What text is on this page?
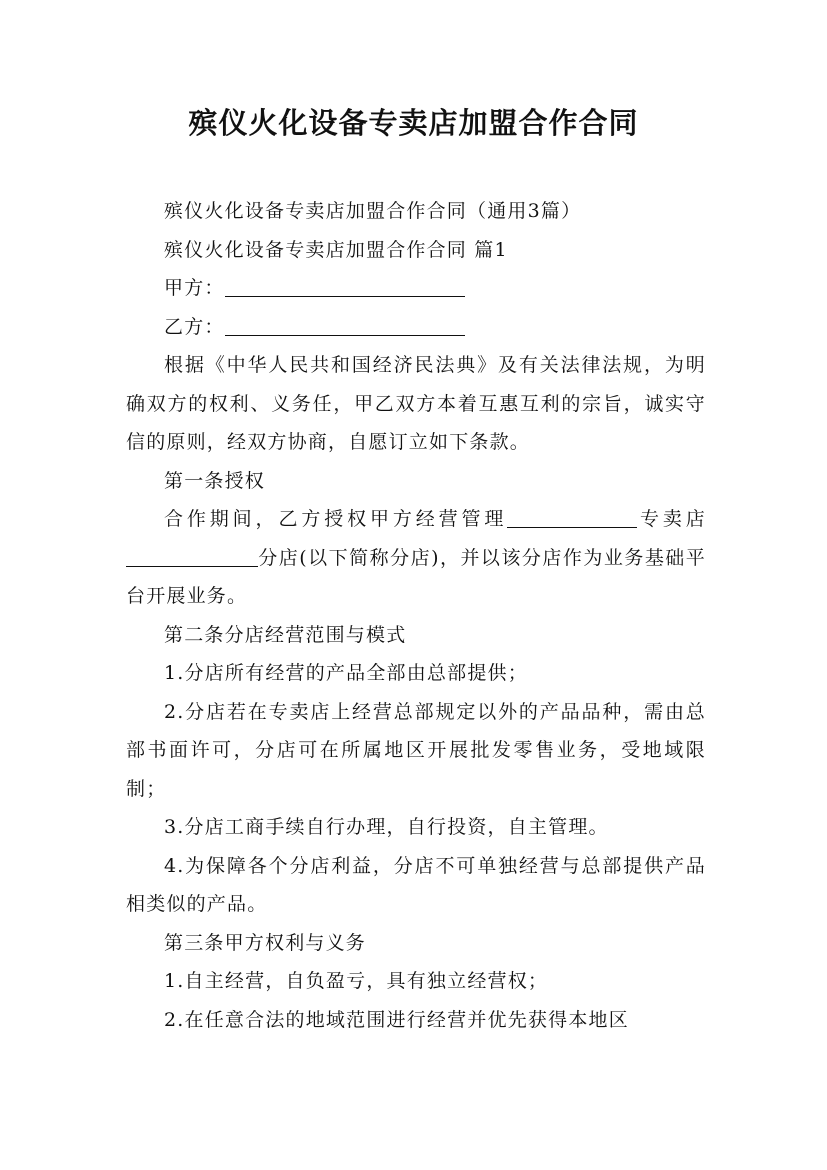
殡仪火化设备专卖店加盟合作合同

殡仪火化设备专卖店加盟合作合同（通用3篇）

殡仪火化设备专卖店加盟合作合同 篇1

甲方：

乙方：

根据《中华人民共和国经济民法典》及有关法律法规，为明确双方的权利、义务任，甲乙双方本着互惠互利的宗旨，诚实守信的原则，经双方协商，自愿订立如下条款。

第一条授权

合作期间，乙方授权甲方经营管理	专卖店分店(以下简称分店)，并以该分店作为业务基础平台开展业务。

第二条分店经营范围与模式

1.分店所有经营的产品全部由总部提供；

2.分店若在专卖店上经营总部规定以外的产品品种，需由总部书面许可，分店可在所属地区开展批发零售业务，受地域限制；

3.分店工商手续自行办理，自行投资，自主管理。

4.为保障各个分店利益，分店不可单独经营与总部提供产品相类似的产品。

第三条甲方权利与义务

1.自主经营，自负盈亏，具有独立经营权；

2.在任意合法的地域范围进行经营并优先获得本地区
